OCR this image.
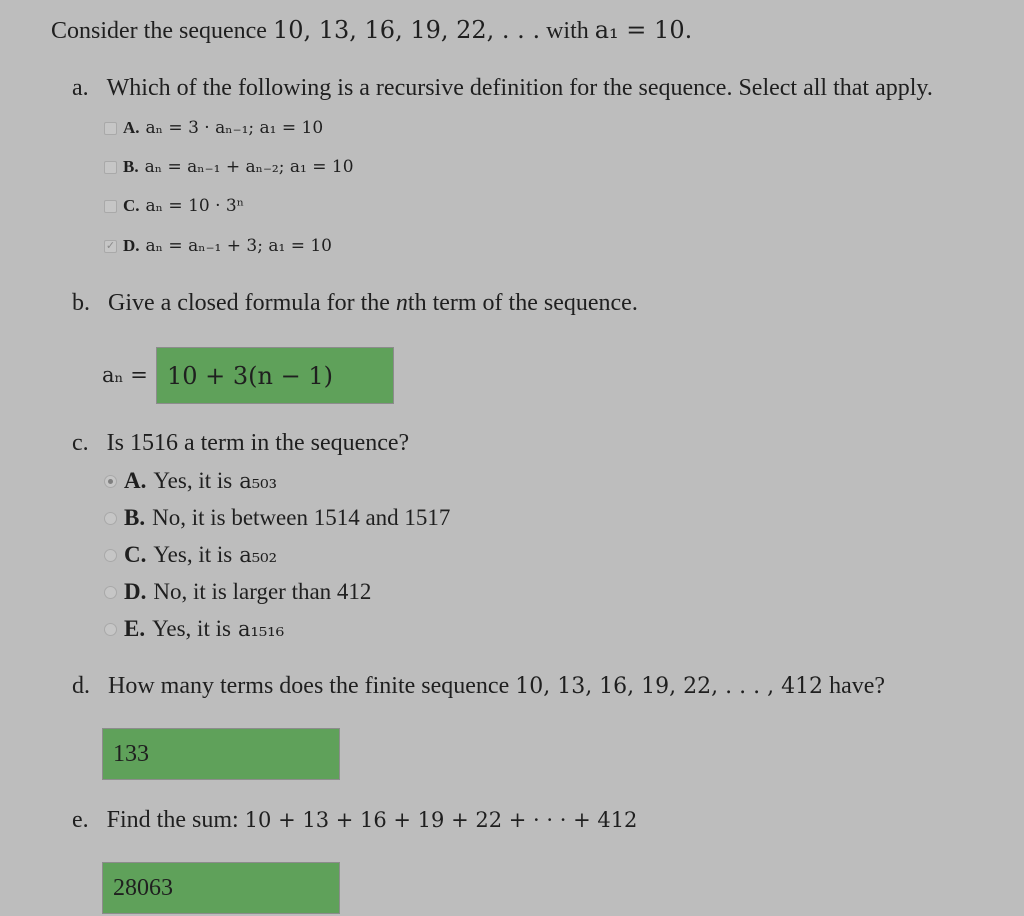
Consider the sequence 10, 13, 16, 19, 22, . . . with a₁ = 10.
a. Which of the following is a recursive definition for the sequence. Select all that apply.
A. aₙ = 3 · aₙ₋₁; a₁ = 10
B. aₙ = aₙ₋₁ + aₙ₋₂; a₁ = 10
C. aₙ = 10 · 3ⁿ
✓ D. aₙ = aₙ₋₁ + 3; a₁ = 10
b. Give a closed formula for the nth term of the sequence.
aₙ = 10 + 3(n − 1)
c. Is 1516 a term in the sequence?
A. Yes, it is a₅₀₃
B. No, it is between 1514 and 1517
C. Yes, it is a₅₀₂
D. No, it is larger than 412
E. Yes, it is a₁₅₁₆
d. How many terms does the finite sequence 10, 13, 16, 19, 22, . . . , 412 have?
133
e. Find the sum: 10 + 13 + 16 + 19 + 22 + · · · + 412
28063
